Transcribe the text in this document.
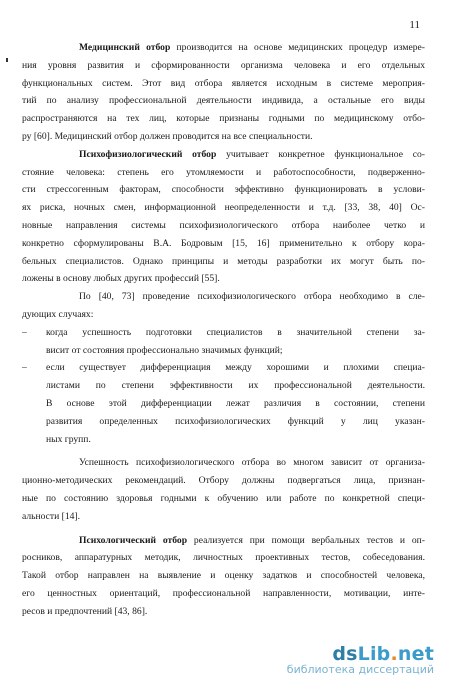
11
Медицинский отбор производится на основе медицинских процедур измере-
ния уровня развития и сформированности организма человека и его отдельных
функциональных систем. Этот вид отбора является исходным в системе мероприя-
тий по анализу профессиональной деятельности индивида, а остальные его виды
распространяются на тех лиц, которые признаны годными по медицинскому отбо-
ру [60]. Медицинский отбор должен проводится на все специальности.
Психофизиологический отбор учитывает конкретное функциональное со-
стояние человека: степень его утомляемости и работоспособности, подверженно-
сти стрессогенным факторам, способности эффективно функционировать в услови-
ях риска, ночных смен, информационной неопределенности и т.д. [33, 38, 40] Ос-
новные направления системы психофизиологического отбора наиболее четко и
конкретно сформулированы В.А. Бодровым [15, 16] применительно к отбору кора-
бельных специалистов. Однако принципы и методы разработки их могут быть по-
ложены в основу любых других профессий [55].
По [40, 73] проведение психофизиологического отбора необходимо в сле-
дующих случаях:
– когда успешность подготовки специалистов в значительной степени за-
висит от состояния профессионально значимых функций;
– если существует дифференциация между хорошими и плохими специа-
листами по степени эффективности их профессиональной деятельности.
В основе этой дифференциации лежат различия в состоянии, степени
развития определенных психофизиологических функций у лиц указан-
ных групп.
Успешность психофизиологического отбора во многом зависит от организа-
ционно-методических рекомендаций. Отбору должны подвергаться лица, признан-
ные по состоянию здоровья годными к обучению или работе по конкретной специ-
альности [14].
Психологический отбор реализуется при помощи вербальных тестов и оп-
росников, аппаратурных методик, личностных проективных тестов, собеседования.
Такой отбор направлен на выявление и оценку задатков и способностей человека,
его ценностных ориентаций, профессиональной направленности, мотивации, инте-
ресов и предпочтений [43, 86].
dsLib.net
библиотека диссертаций
